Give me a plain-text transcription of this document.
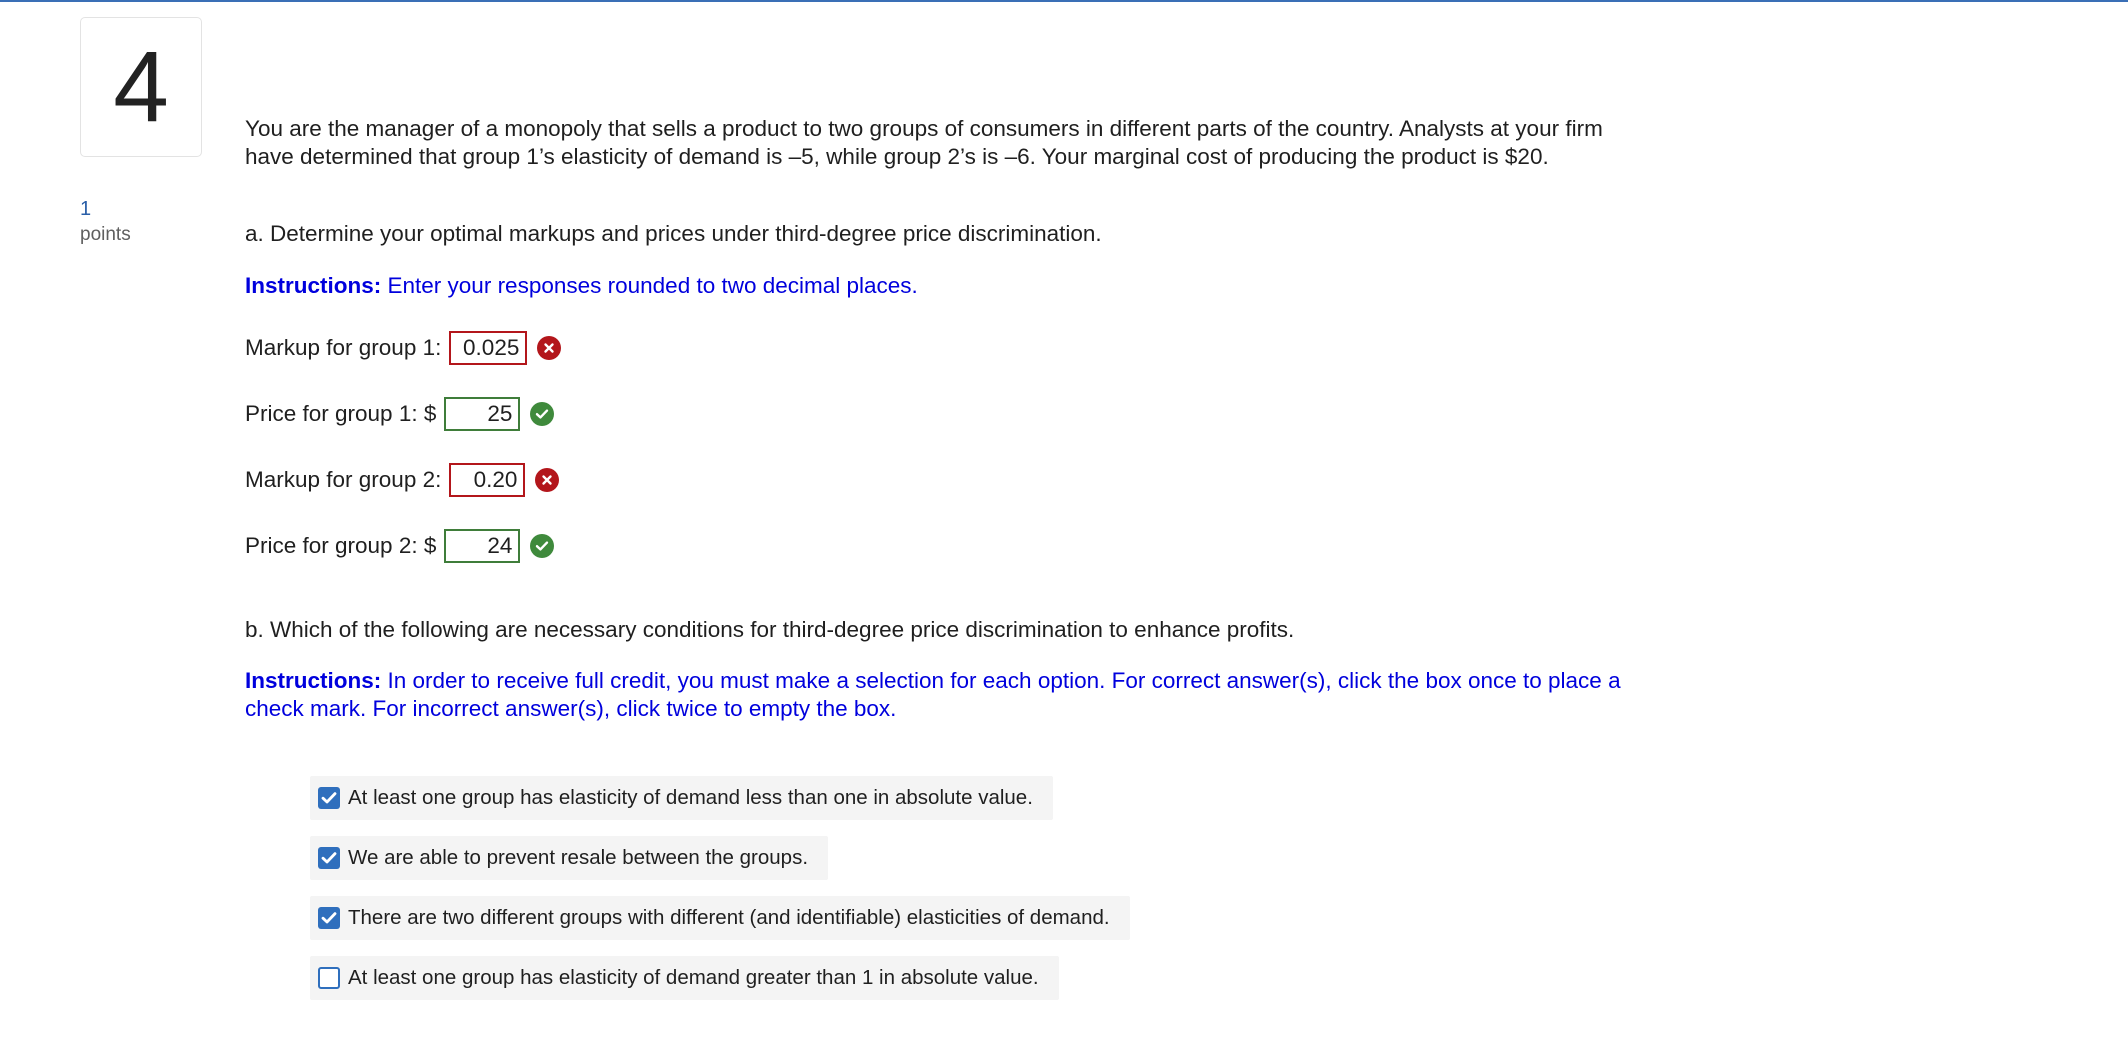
4
1
points
You are the manager of a monopoly that sells a product to two groups of consumers in different parts of the country. Analysts at your firm have determined that group 1’s elasticity of demand is –5, while group 2’s is –6. Your marginal cost of producing the product is $20.
a. Determine your optimal markups and prices under third-degree price discrimination.
Instructions: Enter your responses rounded to two decimal places.
Markup for group 1: 0.025
Price for group 1: $	25
Markup for group 2:	0.20
Price for group 2: $	24
b. Which of the following are necessary conditions for third-degree price discrimination to enhance profits.
Instructions: In order to receive full credit, you must make a selection for each option. For correct answer(s), click the box once to place a check mark. For incorrect answer(s), click twice to empty the box.
At least one group has elasticity of demand less than one in absolute value.
We are able to prevent resale between the groups.
There are two different groups with different (and identifiable) elasticities of demand.
At least one group has elasticity of demand greater than 1 in absolute value.
